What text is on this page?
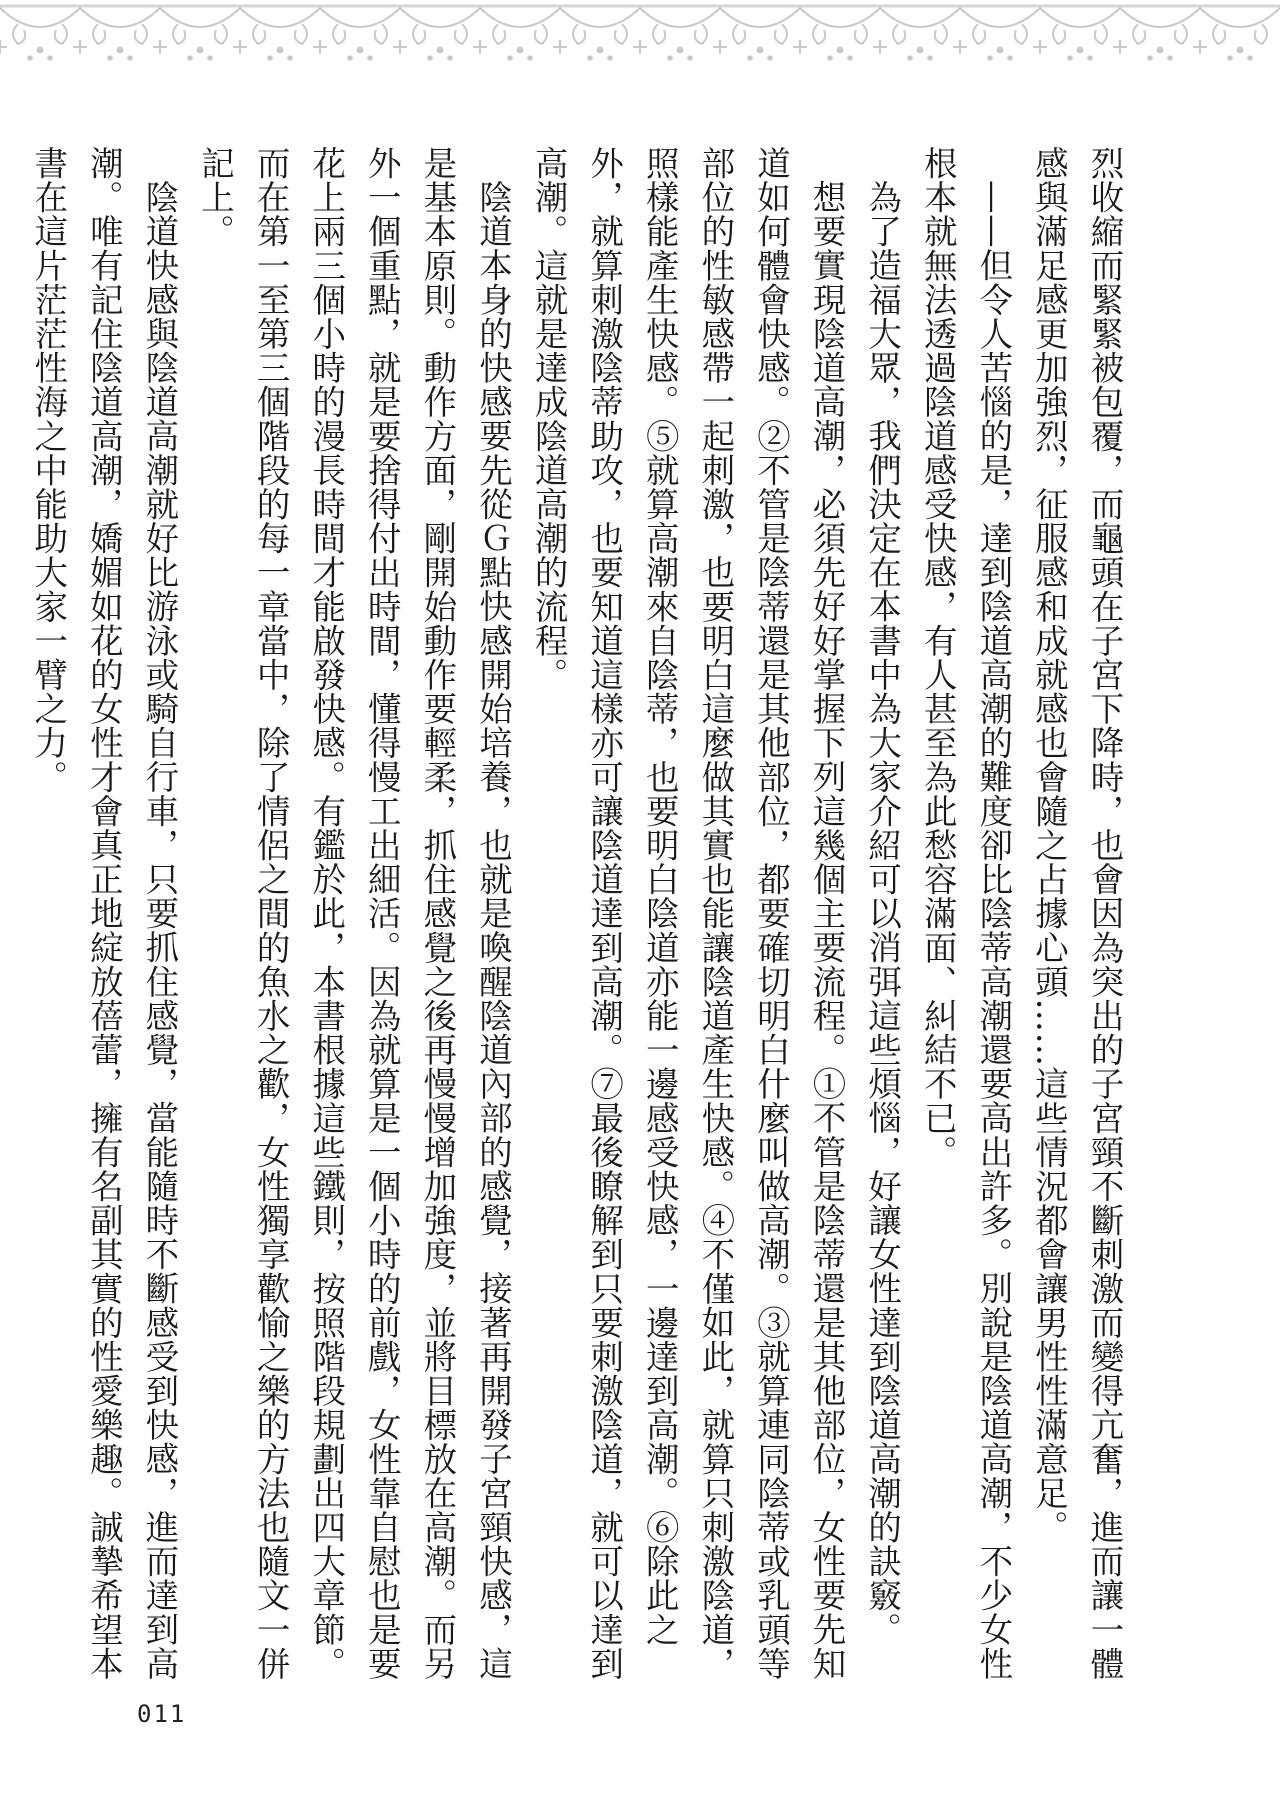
烈收縮而緊緊被包覆，而龜頭在子宮下降時，也會因為突出的子宮頸不斷刺激而變得亢奮，進而讓一體感與滿足感更加強烈，征服感和成就感也會隨之占據心頭……這些情況都會讓男性性滿意足。

——但令人苦惱的是，達到陰道高潮的難度卻比陰蒂高潮還要高出許多。別說是陰道高潮，不少女性根本就無法透過陰道感受快感，有人甚至為此愁容滿面、糾結不已。

為了造福大眾，我們決定在本書中為大家介紹可以消弭這些煩惱，好讓女性達到陰道高潮的訣竅。

想要實現陰道高潮，必須先好好掌握下列這幾個主要流程。①不管是陰蒂還是其他部位，女性要先知道如何體會快感。②不管是陰蒂還是其他部位，都要確切明白什麼叫做高潮。③就算連同陰蒂或乳頭等部位的性敏感帶一起刺激，也要明白這麼做其實也能讓陰道產生快感。④不僅如此，就算只刺激陰道，照樣能產生快感。⑤就算高潮來自陰蒂，也要明白陰道亦能一邊感受快感，一邊達到高潮。⑥除此之外，就算刺激陰蒂助攻，也要知道這樣亦可讓陰道達到高潮。⑦最後瞭解到只要刺激陰道，就可以達到高潮。這就是達成陰道高潮的流程。

陰道本身的快感要先從Ｇ點快感開始培養，也就是喚醒陰道內部的感覺，接著再開發子宮頸快感，這是基本原則。動作方面，剛開始動作要輕柔，抓住感覺之後再慢慢增加強度，並將目標放在高潮。而另外一個重點，就是要捨得付出時間，懂得慢工出細活。因為就算是一個小時的前戲，女性靠自慰也是要花上兩三個小時的漫長時間才能啟發快感。有鑑於此，本書根據這些鐵則，按照階段規劃出四大章節。而在第一至第三個階段的每一章當中，除了情侶之間的魚水之歡，女性獨享歡愉之樂的方法也隨文一併記上。

陰道快感與陰道高潮就好比游泳或騎自行車，只要抓住感覺，當能隨時不斷感受到快感，進而達到高潮。唯有記住陰道高潮，嬌媚如花的女性才會真正地綻放蓓蕾，擁有名副其實的性愛樂趣。誠摯希望本書在這片茫茫性海之中能助大家一臂之力。

011
